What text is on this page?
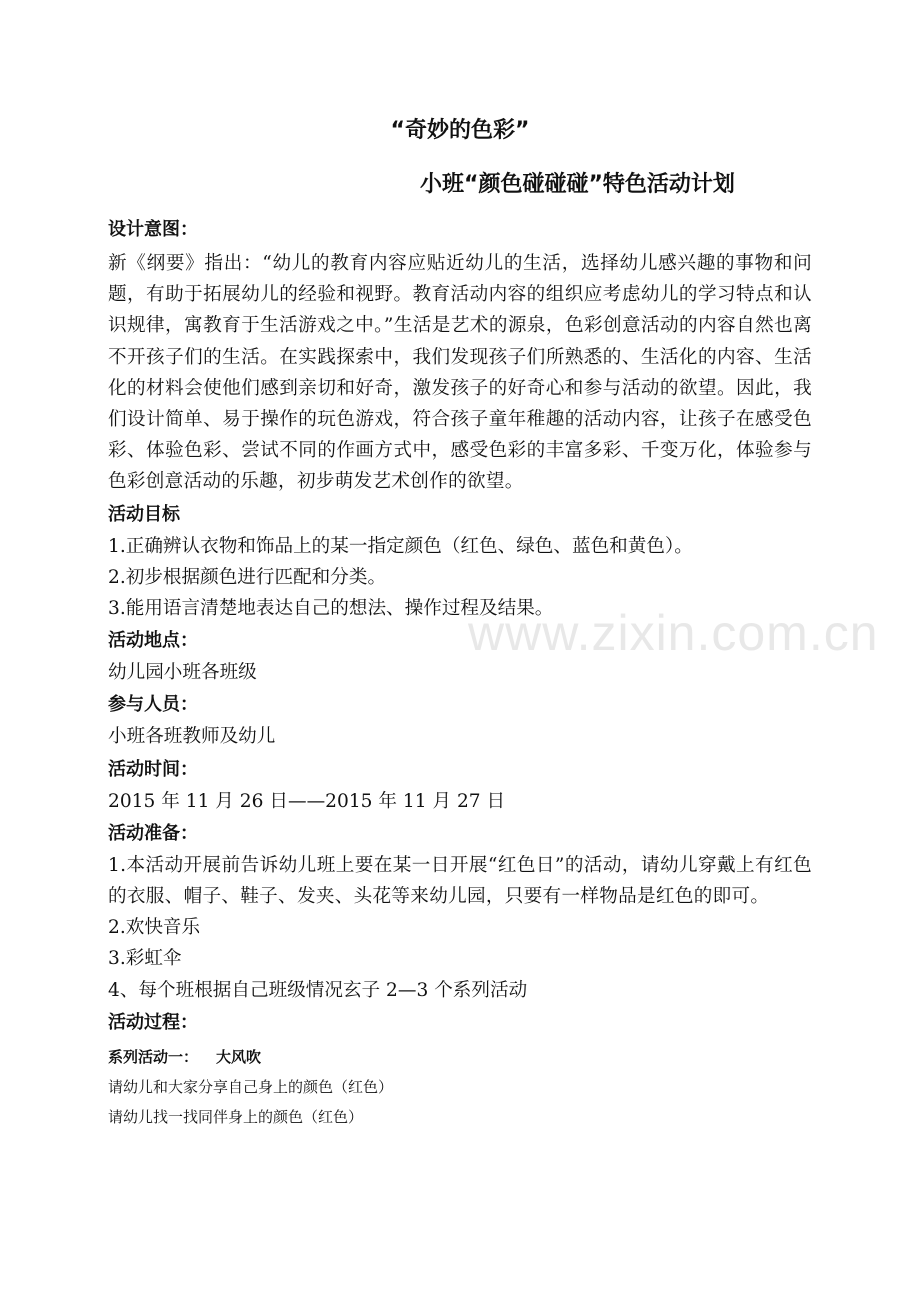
“奇妙的色彩”
小班“颜色碰碰碰”特色活动计划
设计意图：

新《纲要》指出：“幼儿的教育内容应贴近幼儿的生活，选择幼儿感兴趣的事物和问题，有助于拓展幼儿的经验和视野。教育活动内容的组织应考虑幼儿的学习特点和认识规律，寓教育于生活游戏之中。”生活是艺术的源泉，色彩创意活动的内容自然也离不开孩子们的生活。在实践探索中，我们发现孩子们所熟悉的、生活化的内容、生活化的材料会使他们感到亲切和好奇，激发孩子的好奇心和参与活动的欲望。因此，我们设计简单、易于操作的玩色游戏，符合孩子童年稚趣的活动内容，让孩子在感受色彩、体验色彩、尝试不同的作画方式中，感受色彩的丰富多彩、千变万化，体验参与色彩创意活动的乐趣，初步萌发艺术创作的欲望。

活动目标
1.正确辨认衣物和饰品上的某一指定颜色（红色、绿色、蓝色和黄色）。
2.初步根据颜色进行匹配和分类。
3.能用语言清楚地表达自己的想法、操作过程及结果。
活动地点：
幼儿园小班各班级
参与人员：
小班各班教师及幼儿
活动时间：
2015 年 11 月 26 日——2015 年 11 月 27 日
活动准备：

1.本活动开展前告诉幼儿班上要在某一日开展“红色日”的活动，请幼儿穿戴上有红色的衣服、帽子、鞋子、发夹、头花等来幼儿园，只要有一样物品是红色的即可。

2.欢快音乐
3.彩虹伞
4、每个班根据自己班级情况玄子 2—3 个系列活动
活动过程：
系列活动一： 大风吹
请幼儿和大家分享自己身上的颜色（红色）
请幼儿找一找同伴身上的颜色（红色）
www.zixin.com.cn
